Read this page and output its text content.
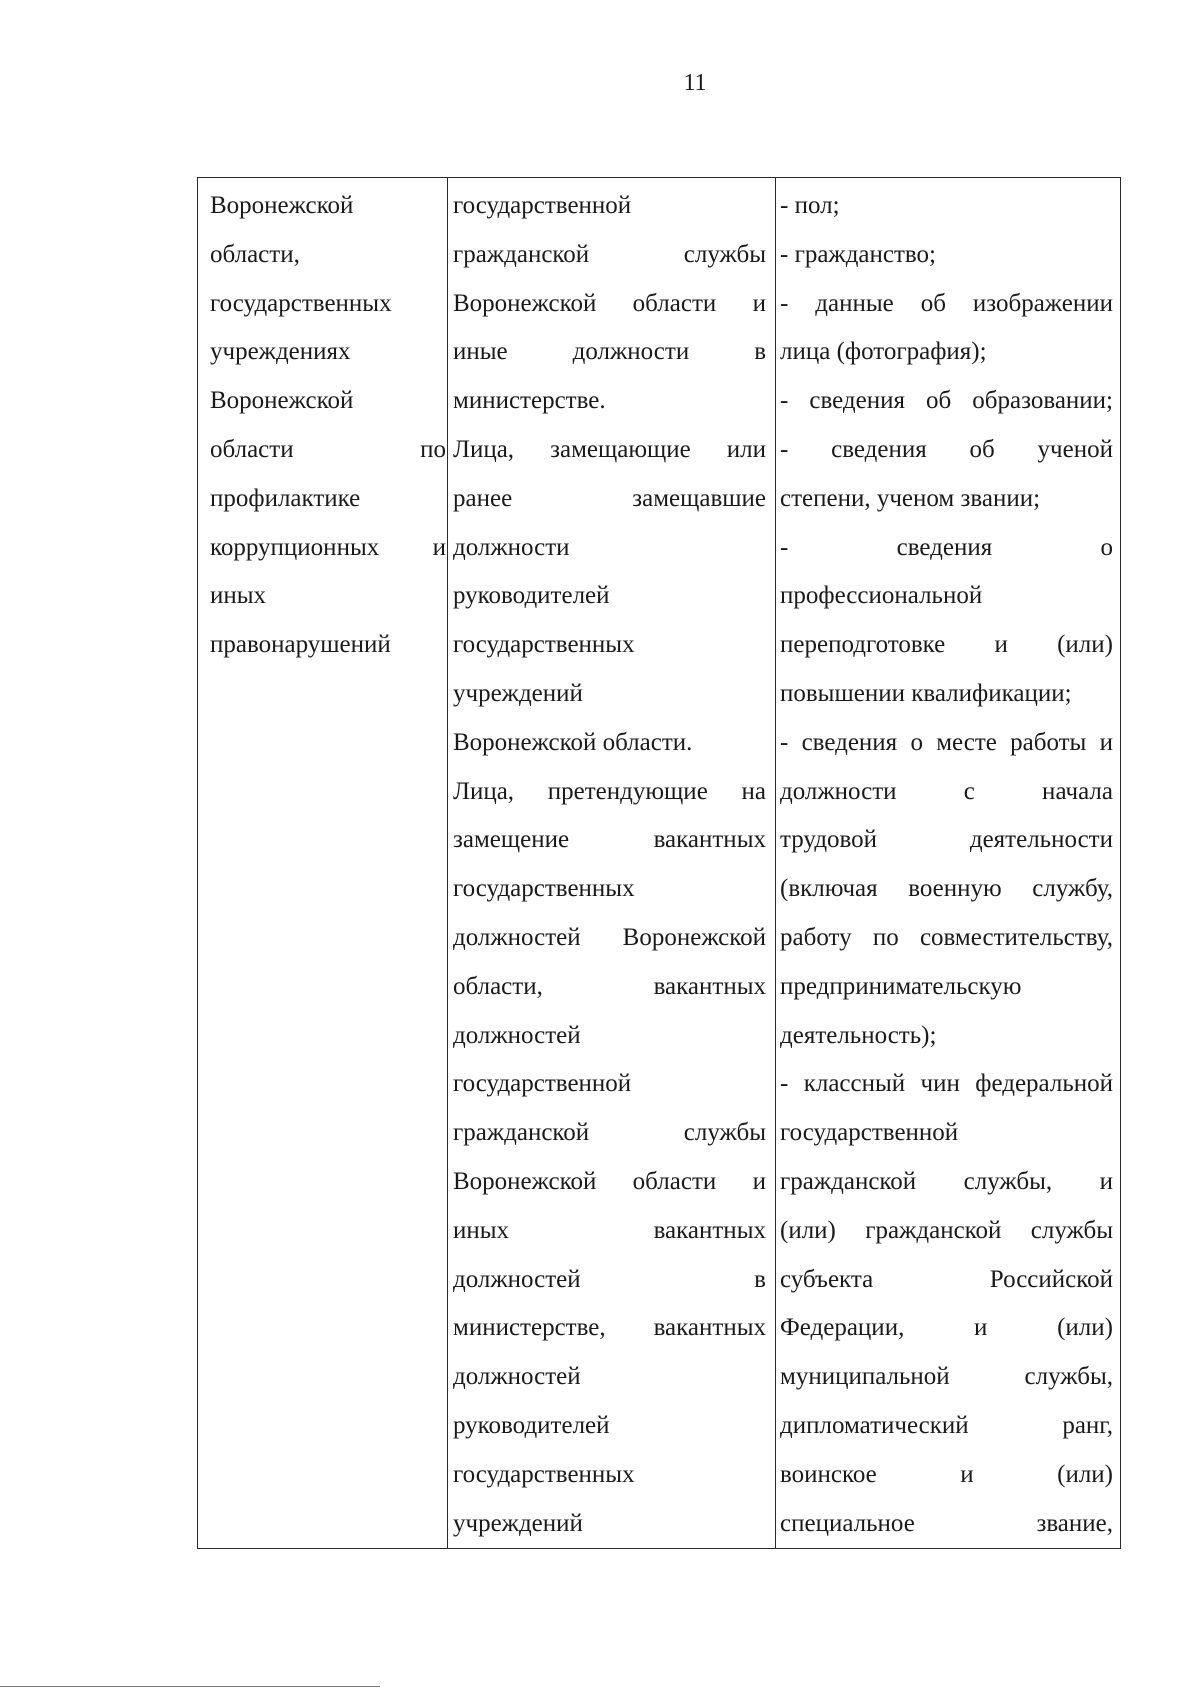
11
Воронежской
области,
государственных
учреждениях
Воронежской
области по
профилактике
коррупционных и
иных
правонарушений
государственной
гражданской службы
Воронежской области и
иные должности в
министерстве.
Лица, замещающие или
ранее замещавшие
должности
руководителей
государственных
учреждений
Воронежской области.
Лица, претендующие на
замещение вакантных
государственных
должностей Воронежской
области, вакантных
должностей
государственной
гражданской службы
Воронежской области и
иных вакантных
должностей в
министерстве, вакантных
должностей
руководителей
государственных
учреждений
- пол;
- гражданство;
- данные об изображении
лица (фотография);
- сведения об образовании;
- сведения об ученой
степени, ученом звании;
- сведения о
профессиональной
переподготовке и (или)
повышении квалификации;
- сведения о месте работы и
должности с начала
трудовой деятельности
(включая военную службу,
работу по совместительству,
предпринимательскую
деятельность);
- классный чин федеральной
государственной
гражданской службы, и
(или) гражданской службы
субъекта Российской
Федерации, и (или)
муниципальной службы,
дипломатический ранг,
воинское и (или)
специальное звание,
